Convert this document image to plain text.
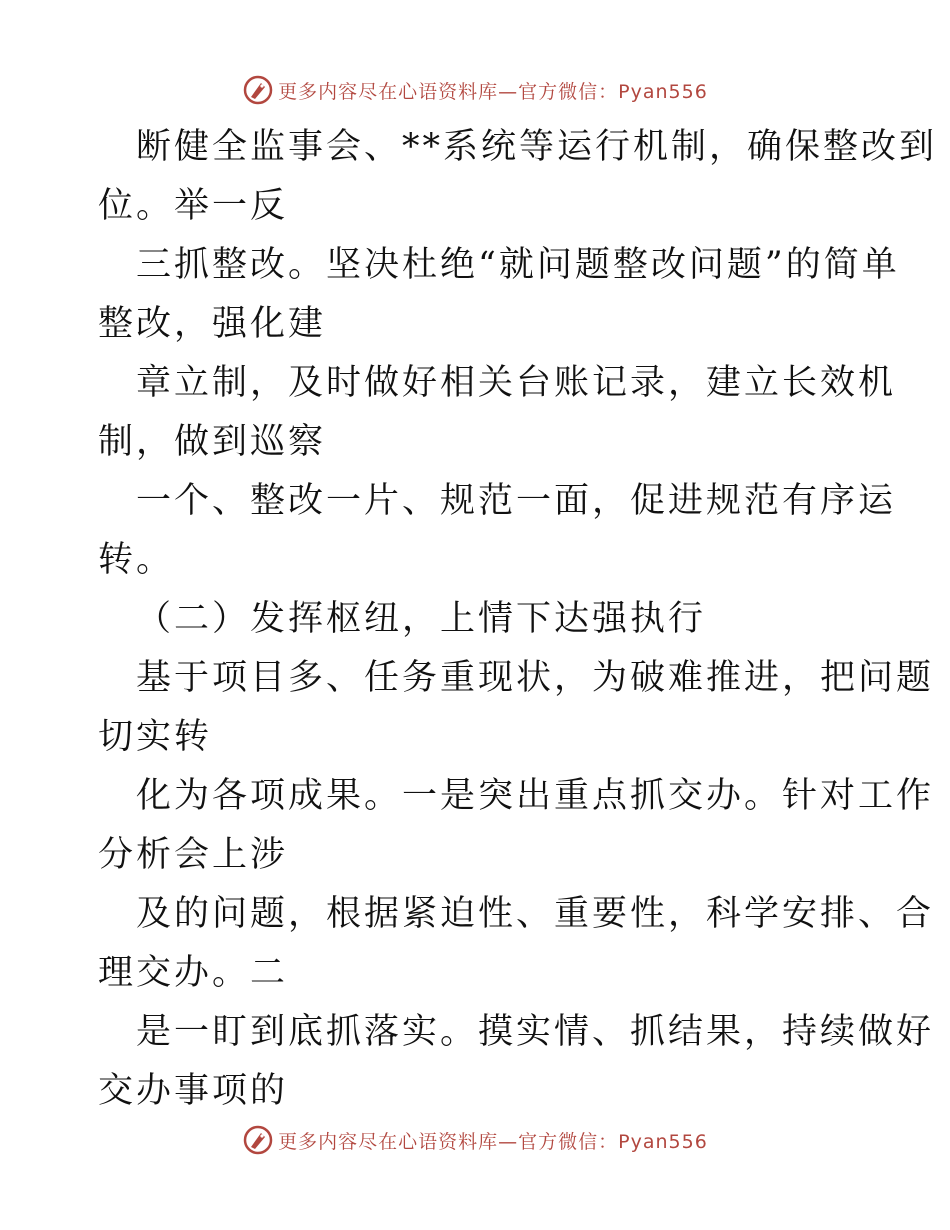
更多内容尽在心语资料库—官方微信：Pyan556
断健全监事会、**系统等运行机制，确保整改到
位。举一反
三抓整改。坚决杜绝“就问题整改问题”的简单
整改，强化建
章立制，及时做好相关台账记录，建立长效机
制，做到巡察
一个、整改一片、规范一面，促进规范有序运
转。
（二）发挥枢纽，上情下达强执行
基于项目多、任务重现状，为破难推进，把问题
切实转
化为各项成果。一是突出重点抓交办。针对工作
分析会上涉
及的问题，根据紧迫性、重要性，科学安排、合
理交办。二
是一盯到底抓落实。摸实情、抓结果，持续做好
交办事项的
更多内容尽在心语资料库—官方微信：Pyan556
